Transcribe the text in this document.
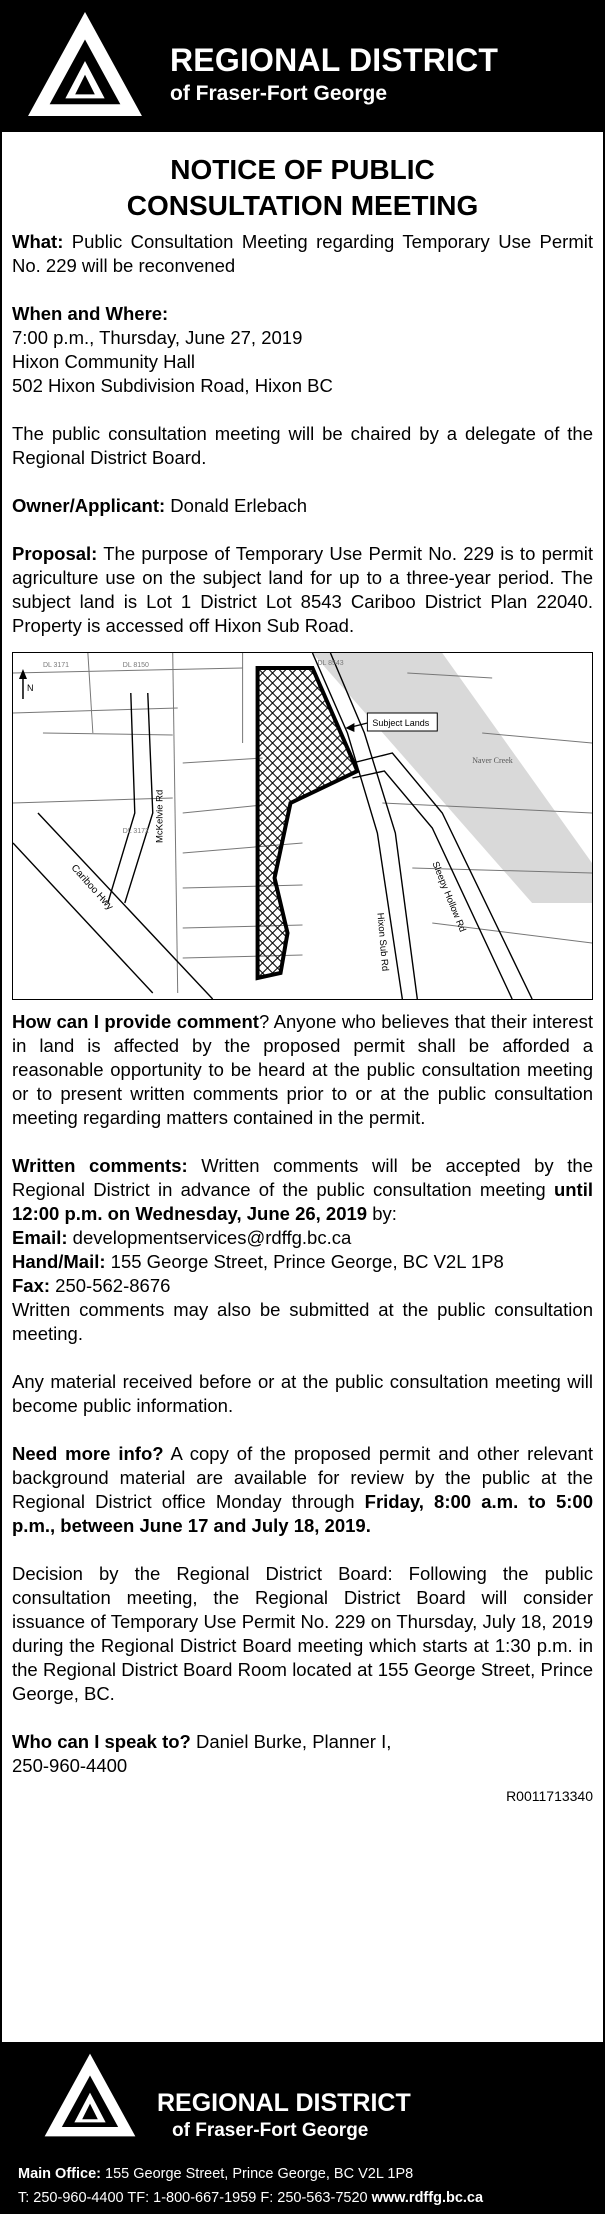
REGIONAL DISTRICT
of Fraser-Fort George
NOTICE OF PUBLIC
CONSULTATION MEETING

What: Public Consultation Meeting regarding Temporary Use Permit No. 229 will be reconvened

When and Where:
7:00 p.m., Thursday, June 27, 2019
Hixon Community Hall
502 Hixon Subdivision Road, Hixon BC

The public consultation meeting will be chaired by a delegate of the Regional District Board.

Owner/Applicant: Donald Erlebach

Proposal: The purpose of Temporary Use Permit No. 229 is to permit agriculture use on the subject land for up to a three-year period. The subject land is Lot 1 District Lot 8543 Cariboo District Plan 22040. Property is accessed off Hixon Sub Road.

Subject Lands
N
Naver Creek
DL 3171	DL 8150	DL 8543
DL 3172 McKelvie Rd
Cariboo Hwy
Hixon Sub Rd
Sleepy Hollow Rd

How can I provide comment? Anyone who believes that their interest in land is affected by the proposed permit shall be afforded a reasonable opportunity to be heard at the public consultation meeting or to present written comments prior to or at the public consultation meeting regarding matters contained in the permit.

Written comments: Written comments will be accepted by the Regional District in advance of the public consultation meeting until 12:00 p.m. on Wednesday, June 26, 2019 by:

Email: developmentservices@rdffg.bc.ca

Hand/Mail: 155 George Street, Prince George, BC V2L 1P8

Fax: 250-562-8676

Written comments may also be submitted at the public consultation meeting.

Any material received before or at the public consultation meeting will become public information.

Need more info? A copy of the proposed permit and other relevant background material are available for review by the public at the Regional District office Monday through Friday, 8:00 a.m. to 5:00 p.m., between June 17 and July 18, 2019.

Decision by the Regional District Board: Following the public consultation meeting, the Regional District Board will consider issuance of Temporary Use Permit No. 229 on Thursday, July 18, 2019 during the Regional District Board meeting which starts at 1:30 p.m. in the Regional District Board Room located at 155 George Street, Prince George, BC.

Who can I speak to? Daniel Burke, Planner I,
250-960-4400

R0011713340
REGIONAL DISTRICT
of Fraser-Fort George
Main Office: 155 George Street, Prince George, BC V2L 1P8
T: 250-960-4400 TF: 1-800-667-1959 F: 250-563-7520 www.rdffg.bc.ca
